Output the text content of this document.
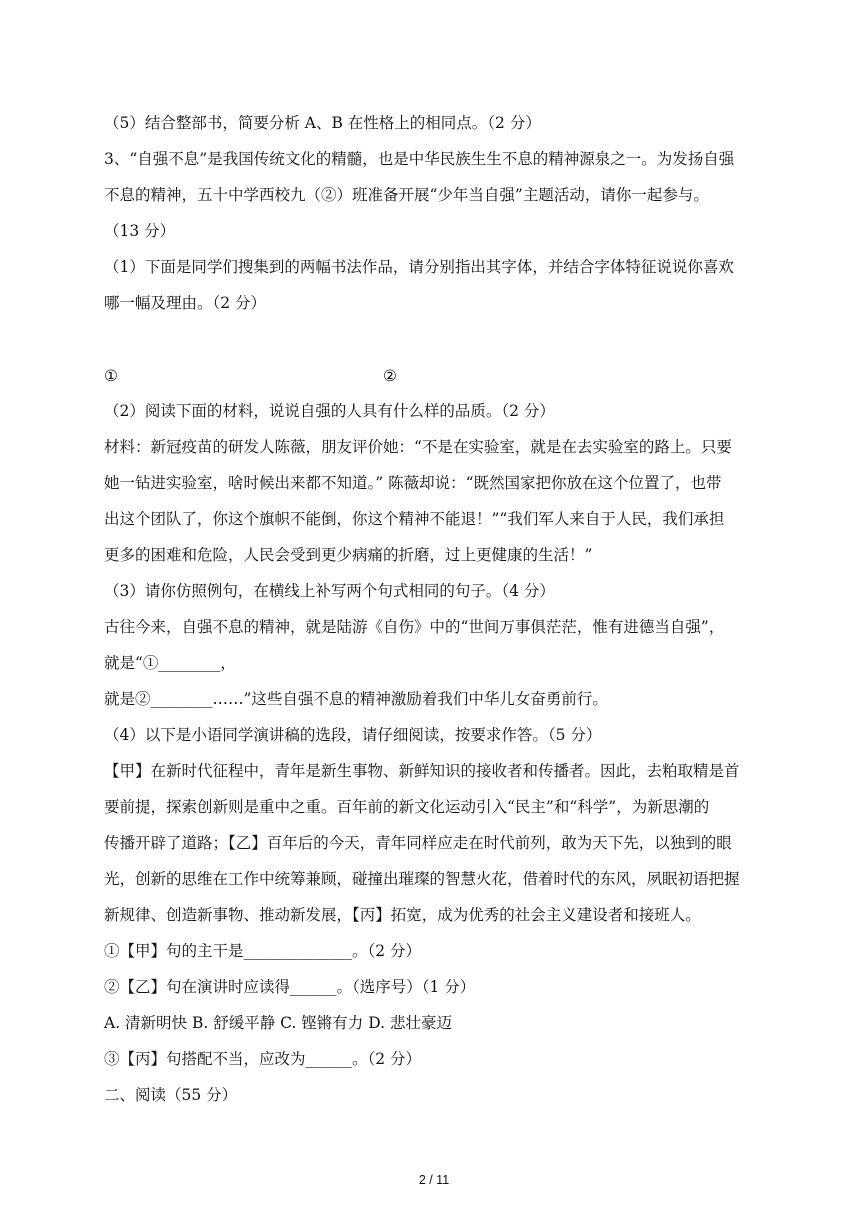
（5）结合整部书，简要分析 A、B 在性格上的相同点。（2 分）
3、“自强不息”是我国传统文化的精髓，也是中华民族生生不息的精神源泉之一。为发扬自强
不息的精神，五十中学西校九（②）班准备开展“少年当自强”主题活动，请你一起参与。
（13 分）
（1）下面是同学们搜集到的两幅书法作品，请分别指出其字体，并结合字体特征说说你喜欢
哪一幅及理由。（2 分）
①	②
（2）阅读下面的材料，说说自强的人具有什么样的品质。（2 分）
材料：新冠疫苗的研发人陈薇，朋友评价她：“不是在实验室，就是在去实验室的路上。只要
她一钻进实验室，啥时候出来都不知道。” 陈薇却说：“既然国家把你放在这个位置了，也带
出这个团队了，你这个旗帜不能倒，你这个精神不能退！”“我们军人来自于人民，我们承担
更多的困难和危险，人民会受到更少病痛的折磨，过上更健康的生活！”
（3）请你仿照例句，在横线上补写两个句式相同的句子。（4 分）
古往今来，自强不息的精神，就是陆游《自伤》中的“世间万事俱茫茫，惟有进德当自强”，
就是“①________，
就是②________……”这些自强不息的精神激励着我们中华儿女奋勇前行。
（4）以下是小语同学演讲稿的选段，请仔细阅读，按要求作答。（5 分）
【甲】在新时代征程中，青年是新生事物、新鲜知识的接收者和传播者。因此，去粕取精是首
要前提，探索创新则是重中之重。百年前的新文化运动引入“民主”和“科学”，为新思潮的
传播开辟了道路；【乙】百年后的今天，青年同样应走在时代前列，敢为天下先，以独到的眼
光，创新的思维在工作中统筹兼顾，碰撞出璀璨的智慧火花，借着时代的东风，夙眠初语把握
新规律、创造新事物、推动新发展，【丙】拓宽，成为优秀的社会主义建设者和接班人。
①【甲】句的主干是______________。（2 分）
②【乙】句在演讲时应读得______。（选序号）（1 分）
A. 清新明快 B. 舒缓平静 C. 铿锵有力 D. 悲壮豪迈
③【丙】句搭配不当，应改为______。（2 分）
二、阅读（55 分）
2 / 11
